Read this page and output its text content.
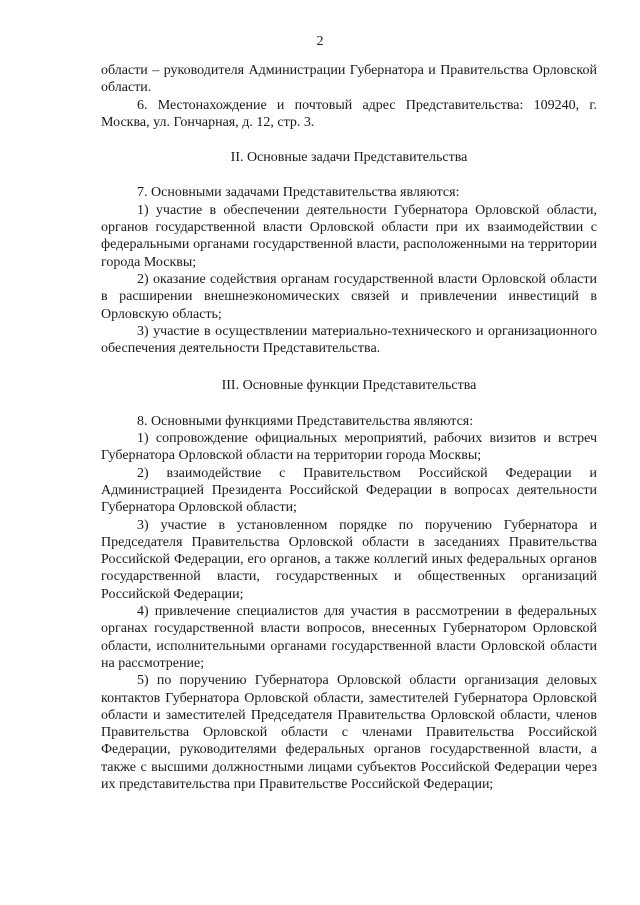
2

области – руководителя Администрации Губернатора и Правительства Орловской области.

6. Местонахождение и почтовый адрес Представительства: 109240, г. Москва, ул. Гончарная, д. 12, стр. 3.

II. Основные задачи Представительства

7. Основными задачами Представительства являются:

1) участие в обеспечении деятельности Губернатора Орловской области, органов государственной власти Орловской области при их взаимодействии с федеральными органами государственной власти, расположенными на территории города Москвы;

2) оказание содействия органам государственной власти Орловской области в расширении внешнеэкономических связей и привлечении инвестиций в Орловскую область;

3) участие в осуществлении материально-технического и организационного обеспечения деятельности Представительства.

III. Основные функции Представительства

8. Основными функциями Представительства являются:

1) сопровождение официальных мероприятий, рабочих визитов и встреч Губернатора Орловской области на территории города Москвы;

2) взаимодействие с Правительством Российской Федерации и Администрацией Президента Российской Федерации в вопросах деятельности Губернатора Орловской области;

3) участие в установленном порядке по поручению Губернатора и Председателя Правительства Орловской области в заседаниях Правительства Российской Федерации, его органов, а также коллегий иных федеральных органов государственной власти, государственных и общественных организаций Российской Федерации;

4) привлечение специалистов для участия в рассмотрении в федеральных органах государственной власти вопросов, внесенных Губернатором Орловской области, исполнительными органами государственной власти Орловской области на рассмотрение;

5) по поручению Губернатора Орловской области организация деловых контактов Губернатора Орловской области, заместителей Губернатора Орловской области и заместителей Председателя Правительства Орловской области, членов Правительства Орловской области с членами Правительства Российской Федерации, руководителями федеральных органов государственной власти, а также с высшими должностными лицами субъектов Российской Федерации через их представительства при Правительстве Российской Федерации;
